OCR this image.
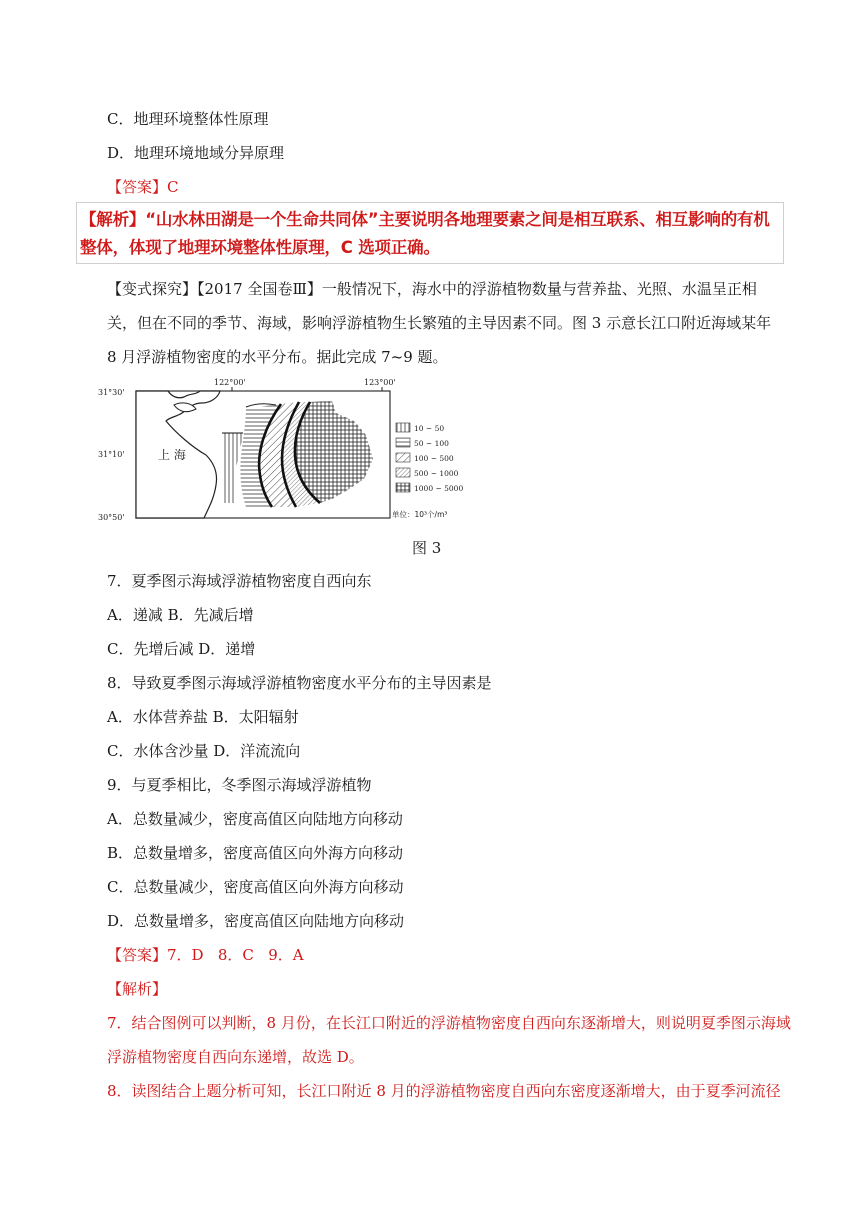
C．地理环境整体性原理
D．地理环境地域分异原理
【答案】C
【解析】“山水林田湖是一个生命共同体”主要说明各地理要素之间是相互联系、相互影响的有机整体，体现了地理环境整体性原理，C 选项正确。
【变式探究】【2017 全国卷Ⅲ】一般情况下，海水中的浮游植物数量与营养盐、光照、水温呈正相关，但在不同的季节、海域，影响浮游植物生长繁殖的主导因素不同。图 3 示意长江口附近海域某年 8 月浮游植物密度的水平分布。据此完成 7~9 题。
31°30'
31°10'
30°50'
122°00'	123°00'
上 海
10 ~ 50
50 ~ 100
100 ~ 500
500 ~ 1000
1000 ~ 5000
单位：10³个/m³
图 3
7．夏季图示海域浮游植物密度自西向东
A．递减 B．先减后增
C．先增后减 D．递增
8．导致夏季图示海域浮游植物密度水平分布的主导因素是
A．水体营养盐 B．太阳辐射
C．水体含沙量 D．洋流流向
9．与夏季相比，冬季图示海域浮游植物
A．总数量减少，密度高值区向陆地方向移动
B．总数量增多，密度高值区向外海方向移动
C．总数量减少，密度高值区向外海方向移动
D．总数量增多，密度高值区向陆地方向移动
【答案】7．D   8．C   9．A
【解析】
7．结合图例可以判断，8 月份，在长江口附近的浮游植物密度自西向东逐渐增大，则说明夏季图示海域浮游植物密度自西向东递增，故选 D。
8．读图结合上题分析可知，长江口附近 8 月的浮游植物密度自西向东密度逐渐增大，由于夏季河流径
